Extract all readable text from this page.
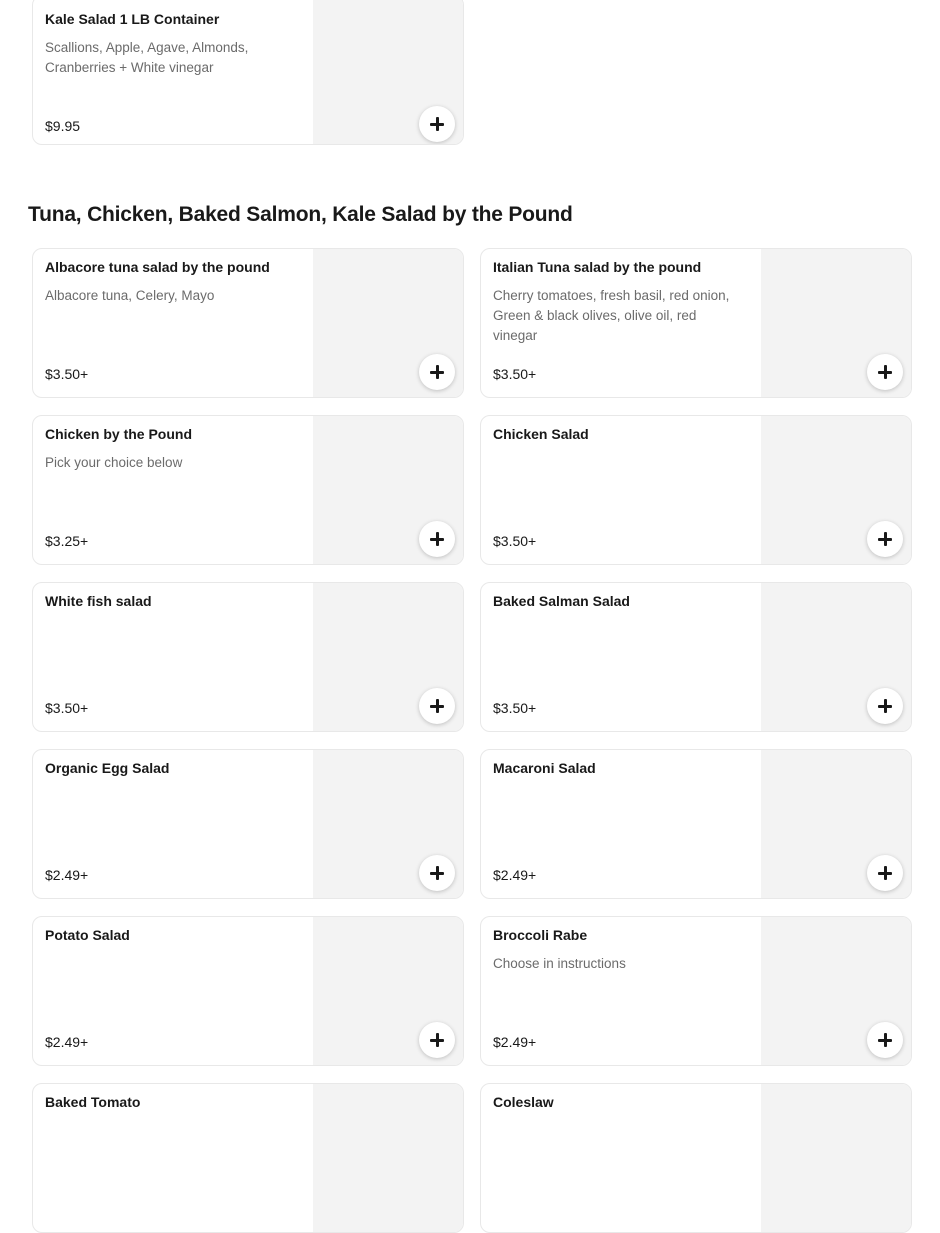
Kale Salad 1 LB Container
Scallions, Apple, Agave, Almonds, Cranberries + White vinegar
$9.95
Tuna, Chicken, Baked Salmon, Kale Salad by the Pound
Albacore tuna salad by the pound
Albacore tuna, Celery, Mayo
$3.50+
Italian Tuna salad by the pound
Cherry tomatoes, fresh basil, red onion, Green & black olives, olive oil, red vinegar
$3.50+
Chicken by the Pound
Pick your choice below
$3.25+
Chicken Salad
$3.50+
White fish salad
$3.50+
Baked Salman Salad
$3.50+
Organic Egg Salad
$2.49+
Macaroni Salad
$2.49+
Potato Salad
$2.49+
Broccoli Rabe
Choose in instructions
$2.49+
Baked Tomato	Coleslaw
